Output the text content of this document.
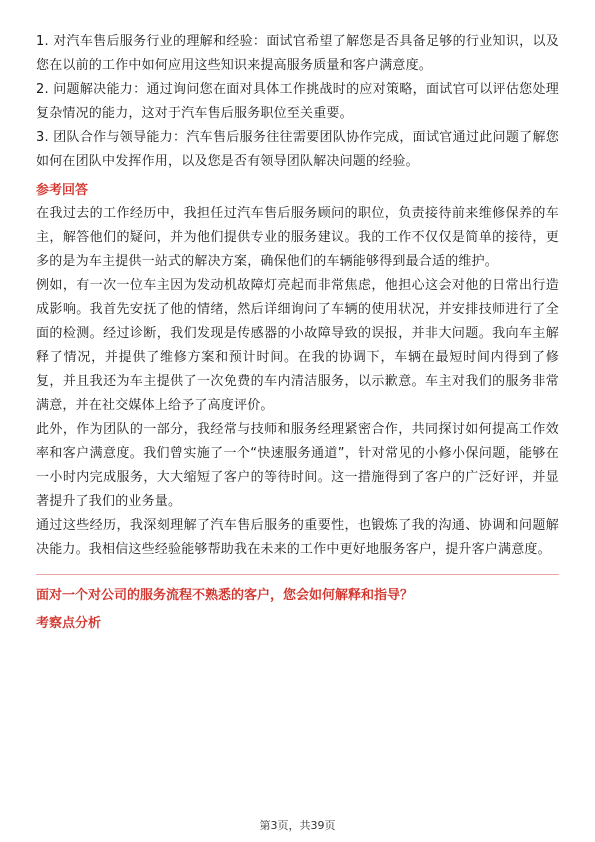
1. 对汽车售后服务行业的理解和经验：面试官希望了解您是否具备足够的行业知识，以及您在以前的工作中如何应用这些知识来提高服务质量和客户满意度。

2. 问题解决能力：通过询问您在面对具体工作挑战时的应对策略，面试官可以评估您处理复杂情况的能力，这对于汽车售后服务职位至关重要。

3. 团队合作与领导能力：汽车售后服务往往需要团队协作完成，面试官通过此问题了解您如何在团队中发挥作用，以及您是否有领导团队解决问题的经验。

参考回答

在我过去的工作经历中，我担任过汽车售后服务顾问的职位，负责接待前来维修保养的车主，解答他们的疑问，并为他们提供专业的服务建议。我的工作不仅仅是简单的接待，更多的是为车主提供一站式的解决方案，确保他们的车辆能够得到最合适的维护。

例如，有一次一位车主因为发动机故障灯亮起而非常焦虑，他担心这会对他的日常出行造成影响。我首先安抚了他的情绪，然后详细询问了车辆的使用状况，并安排技师进行了全面的检测。经过诊断，我们发现是传感器的小故障导致的误报，并非大问题。我向车主解释了情况，并提供了维修方案和预计时间。在我的协调下，车辆在最短时间内得到了修复，并且我还为车主提供了一次免费的车内清洁服务，以示歉意。车主对我们的服务非常满意，并在社交媒体上给予了高度评价。

此外，作为团队的一部分，我经常与技师和服务经理紧密合作，共同探讨如何提高工作效率和客户满意度。我们曾实施了一个“快速服务通道”，针对常见的小修小保问题，能够在一小时内完成服务，大大缩短了客户的等待时间。这一措施得到了客户的广泛好评，并显著提升了我们的业务量。

通过这些经历，我深刻理解了汽车售后服务的重要性，也锻炼了我的沟通、协调和问题解决能力。我相信这些经验能够帮助我在未来的工作中更好地服务客户，提升客户满意度。

面对一个对公司的服务流程不熟悉的客户，您会如何解释和指导？

考察点分析

第3页，共39页
